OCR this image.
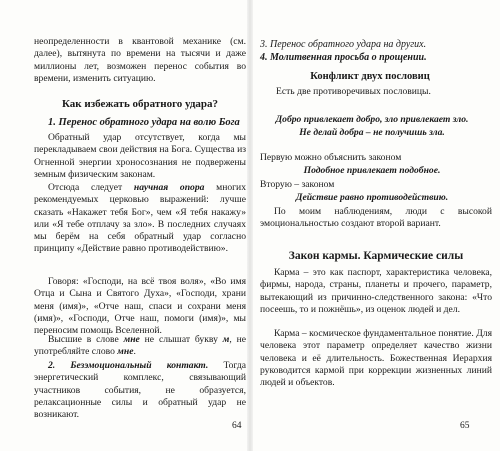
неопределенности в квантовой механике (см. далее), вытянута по времени на тысячи и даже миллионы лет, возможен перенос события во времени, изменить ситуацию.

Как избежать обратного удара?

1. Перенос обратного удара на волю Бога

Обратный удар отсутствует, когда мы перекладываем свои действия на Бога. Существа из Огненной энергии хроносознания не подвержены земным физическим законам.

Отсюда следует научная опора многих рекомендуемых церковью выражений: лучше сказать «Накажет тебя Бог», чем «Я тебя накажу» или «Я тебе отплачу за зло». В последних случаях мы берём на себя обратный удар согласно принципу «Действие равно противодействию».

Говоря: «Господи, на всё твоя воля», «Во имя Отца и Сына и Святого Духа», «Господи, храни меня (имя)», «Отче наш, спаси и сохрани меня (имя)», «Господи, Отче наш, помоги (имя)», мы переносим помощь Вселенной.

Высшие в слове мне не слышат букву м, не употребляйте слово мне.

2. Безэмоциональный контакт. Тогда энергетический комплекс, связывающий участников события, не образуется, релаксационные силы и обратный удар не возникают.

64

3. Перенос обратного удара на других.

4. Молитвенная просьба о прощении.

Конфликт двух пословиц

Есть две противоречивых пословицы.

Добро привлекает добро, зло привлекает зло.

Не делай добра – не получишь зла.

Первую можно объяснить законом

Подобное привлекает подобное.

Вторую – законом

Действие равно противодействию.

По моим наблюдениям, люди с высокой эмоциональностью создают второй вариант.

Закон кармы. Кармические силы

Карма – это как паспорт, характеристика человека, фирмы, народа, страны, планеты и прочего, параметр, вытекающий из причинно-следственного закона: «Что посеешь, то и пожнёшь», из оценок людей и дел.

Карма – космическое фундаментальное понятие. Для человека этот параметр определяет качество жизни человека и её длительность. Божественная Иерархия руководится кармой при коррекции жизненных линий людей и объектов.

65
